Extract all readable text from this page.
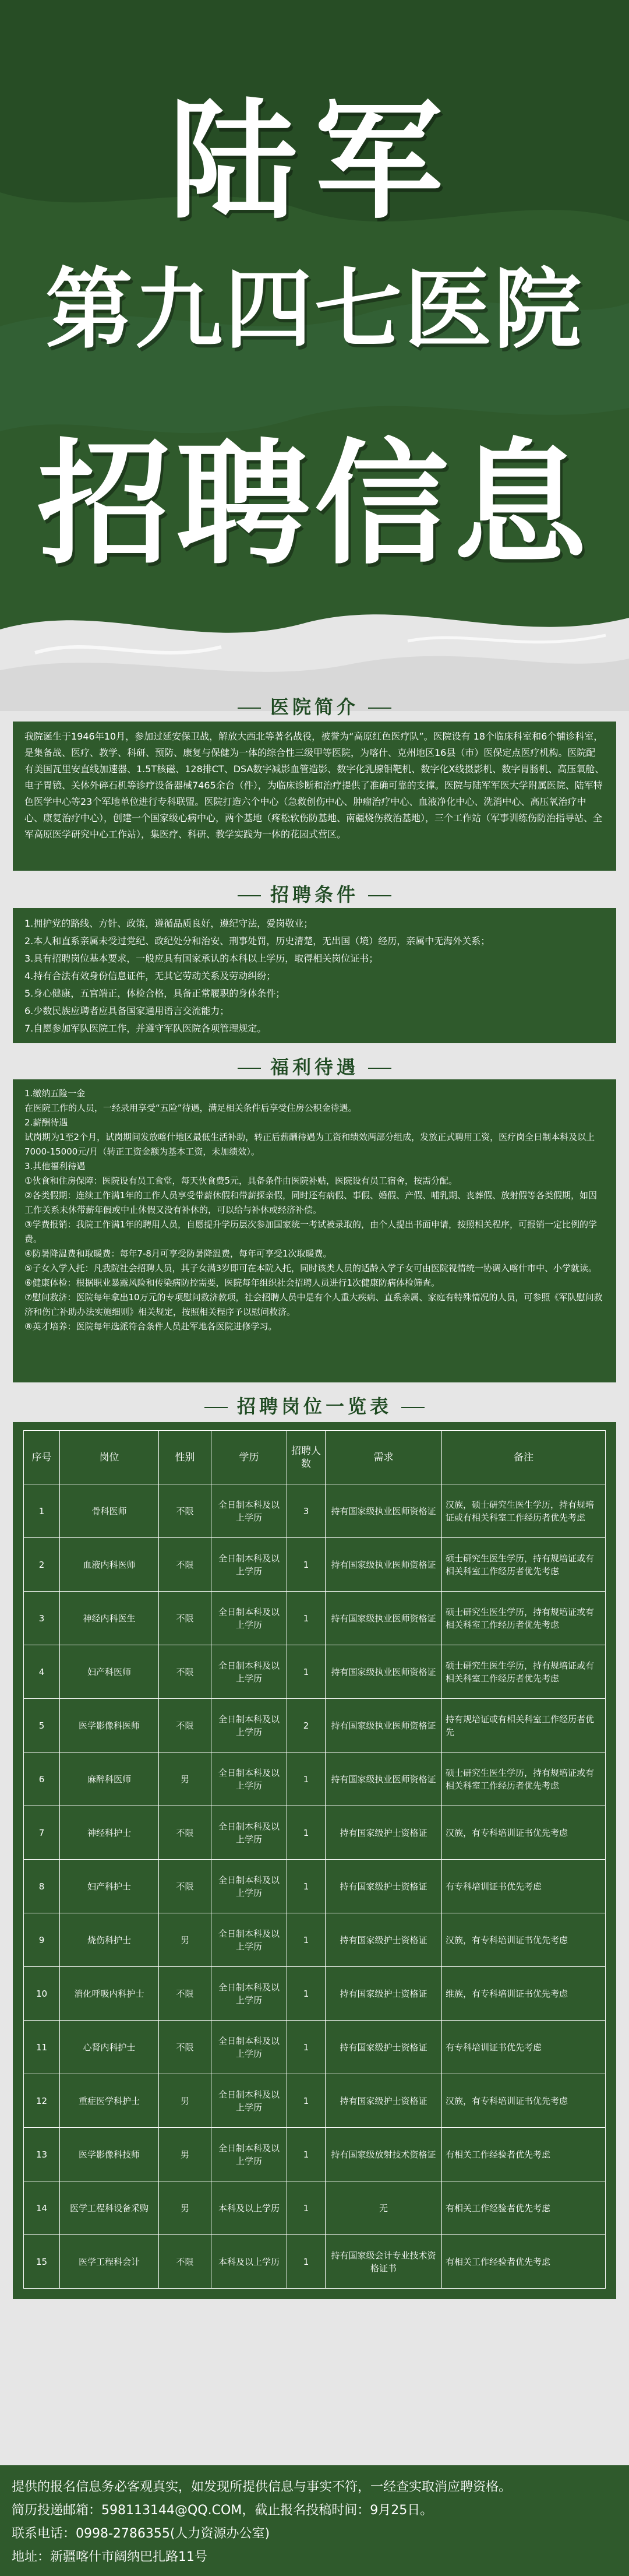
陆军
第九四七医院
招聘信息
医院简介

我院诞生于1946年10月，参加过延安保卫战，解放大西北等著名战役，被誉为“高原红色医疗队”。医院设有 18个临床科室和6个辅诊科室，是集备战、医疗、教学、科研、预防、康复与保健为一体的综合性三级甲等医院，为喀什、克州地区16县（市）医保定点医疗机构。医院配有美国瓦里安直线加速器、1.5T核磁、128排CT、DSA数字减影血管造影、数字化乳腺钼靶机、数字化X线摄影机、数字胃肠机、高压氧舱、电子胃镜、关体外碎石机等诊疗设备器械7465余台（件），为临床诊断和治疗提供了准确可靠的支撑。医院与陆军军医大学附属医院、陆军特色医学中心等23个军地单位进行专科联盟。医院打造六个中心（急救创伤中心、肿瘤治疗中心、血液净化中心、洗消中心、高压氧治疗中心、康复治疗中心），创建一个国家级心病中心，两个基地（疼松软伤防基地、南疆烧伤救治基地），三个工作站（军事训练伤防治指导站、全军高原医学研究中心工作站），集医疗、科研、教学实践为一体的花园式营区。

招聘条件

1.拥护党的路线、方针、政策，遵循品质良好，遵纪守法，爱岗敬业；

2.本人和直系亲属未受过党纪、政纪处分和治安、刑事处罚，历史清楚，无出国（境）经历，亲属中无海外关系；

3.具有招聘岗位基本要求，一般应具有国家承认的本科以上学历，取得相关岗位证书；

4.持有合法有效身份信息证件，无其它劳动关系及劳动纠纷；

5.身心健康，五官端正，体检合格，具备正常履职的身体条件；

6.少数民族应聘者应具备国家通用语言交流能力；

7.自愿参加军队医院工作，并遵守军队医院各项管理规定。

福利待遇

1.缴纳五险一金

在医院工作的人员，一经录用享受“五险”待遇，满足相关条件后享受住房公积金待遇。

2.薪酬待遇

试岗期为1至2个月，试岗期间发放喀什地区最低生活补助，转正后薪酬待遇为工资和绩效两部分组成，发放正式聘用工资，医疗岗全日制本科及以上7000-15000元/月（转正工资金额为基本工资，未加绩效）。

3.其他福利待遇

①伙食和住房保障：医院设有员工食堂，每天伙食费5元，具备条件由医院补贴，医院设有员工宿舍，按需分配。

②各类假期：连续工作满1年的工作人员享受带薪休假和带薪探亲假，同时还有病假、事假、婚假、产假、哺乳期、丧葬假、放射假等各类假期，如因工作关系未休带薪年假或中止休假又没有补休的，可以给与补休或经济补偿。

③学费报销：我院工作满1年的聘用人员，自愿提升学历层次参加国家统一考试被录取的，由个人提出书面申请，按照相关程序，可报销一定比例的学费。

④防暑降温费和取暖费：每年7-8月可享受防暑降温费，每年可享受1次取暖费。

⑤子女入学入托：凡我院社会招聘人员，其子女满3岁即可在本院入托，同时该类人员的适龄入学子女可由医院视情统一协调入喀什市中、小学就读。

⑥健康体检：根据职业暴露风险和传染病防控需要，医院每年组织社会招聘人员进行1次健康防病体检筛查。

⑦慰问救济：医院每年拿出10万元的专项慰问救济款项，社会招聘人员中是有个人重大疾病、直系亲属、家庭有特殊情况的人员，可参照《军队慰问救济和伤亡补助办法实施细则》相关规定，按照相关程序予以慰问救济。

⑧英才培养：医院每年选派符合条件人员赴军地各医院进修学习。

招聘岗位一览表
序号	岗位	性别	学历	招聘人数	需求	备注
1	骨科医师	不限	全日制本科及以上学历	3	持有国家级执业医师资格证	汉族，硕士研究生医生学历，持有规培证或有相关科室工作经历者优先考虑
2	血液内科医师	不限	全日制本科及以上学历	1	持有国家级执业医师资格证	硕士研究生医生学历，持有规培证或有相关科室工作经历者优先考虑
3	神经内科医生	不限	全日制本科及以上学历	1	持有国家级执业医师资格证	硕士研究生医生学历，持有规培证或有相关科室工作经历者优先考虑
4	妇产科医师	不限	全日制本科及以上学历	1	持有国家级执业医师资格证	硕士研究生医生学历，持有规培证或有相关科室工作经历者优先考虑
5	医学影像科医师	不限	全日制本科及以上学历	2	持有国家级执业医师资格证	持有规培证或有相关科室工作经历者优先
6	麻醉科医师	男	全日制本科及以上学历	1	持有国家级执业医师资格证	硕士研究生医生学历，持有规培证或有相关科室工作经历者优先考虑
7	神经科护士	不限	全日制本科及以上学历	1	持有国家级护士资格证	汉族，有专科培训证书优先考虑
8	妇产科护士	不限	全日制本科及以上学历	1	持有国家级护士资格证	有专科培训证书优先考虑
9	烧伤科护士	男	全日制本科及以上学历	1	持有国家级护士资格证	汉族，有专科培训证书优先考虑
10	消化呼吸内科护士	不限	全日制本科及以上学历	1	持有国家级护士资格证	维族，有专科培训证书优先考虑
11	心肾内科护士	不限	全日制本科及以上学历	1	持有国家级护士资格证	有专科培训证书优先考虑
12	重症医学科护士	男	全日制本科及以上学历	1	持有国家级护士资格证	汉族，有专科培训证书优先考虑
13	医学影像科技师	男	全日制本科及以上学历	1	持有国家级放射技术资格证	有相关工作经验者优先考虑
14	医学工程科设备采购	男	本科及以上学历	1	无	有相关工作经验者优先考虑
15	医学工程科会计	不限	本科及以上学历	1	持有国家级会计专业技术资格证书	有相关工作经验者优先考虑

提供的报名信息务必客观真实，如发现所提供信息与事实不符，一经查实取消应聘资格。

简历投递邮箱：598113144@QQ.COM，截止报名投稿时间：9月25日。

联系电话：0998-2786355(人力资源办公室)

地址：新疆喀什市阔纳巴扎路11号
